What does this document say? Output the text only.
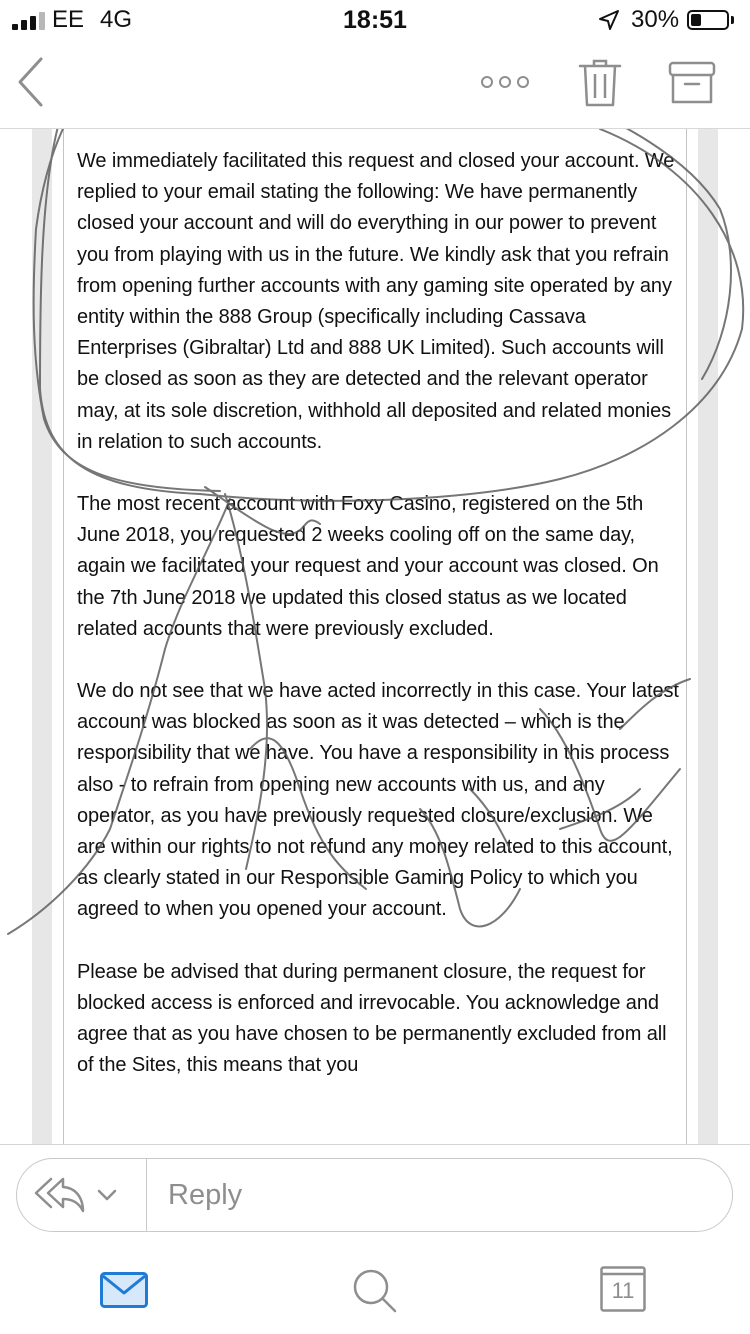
EE 4G	18:51	30%

We immediately facilitated this request and closed your account. We replied to your email stating the following: We have permanently closed your account and will do everything in our power to prevent you from playing with us in the future. We kindly ask that you refrain from opening further accounts with any gaming site operated by any entity within the 888 Group (specifically including Cassava Enterprises (Gibraltar) Ltd and 888 UK Limited). Such accounts will be closed as soon as they are detected and the relevant operator may, at its sole discretion, withhold all deposited and related monies in relation to such accounts.

The most recent account with Foxy Casino, registered on the 5th June 2018, you requested 2 weeks cooling off on the same day, again we facilitated your request and your account was closed. On the 7th June 2018 we updated this closed status as we located related accounts that were previously excluded.

We do not see that we have acted incorrectly in this case. Your latest account was blocked as soon as it was detected – which is the responsibility that we have. You have a responsibility in this process also - to refrain from opening new accounts with us, and any operator, as you have previously requested closure/exclusion. We are within our rights to not refund any money related to this account, as clearly stated in our Responsible Gaming Policy to which you agreed to when you opened your account.

Please be advised that during permanent closure, the request for blocked access is enforced and irrevocable. You acknowledge and agree that as you have chosen to be permanently excluded from all of the Sites, this means that you

Reply
11
